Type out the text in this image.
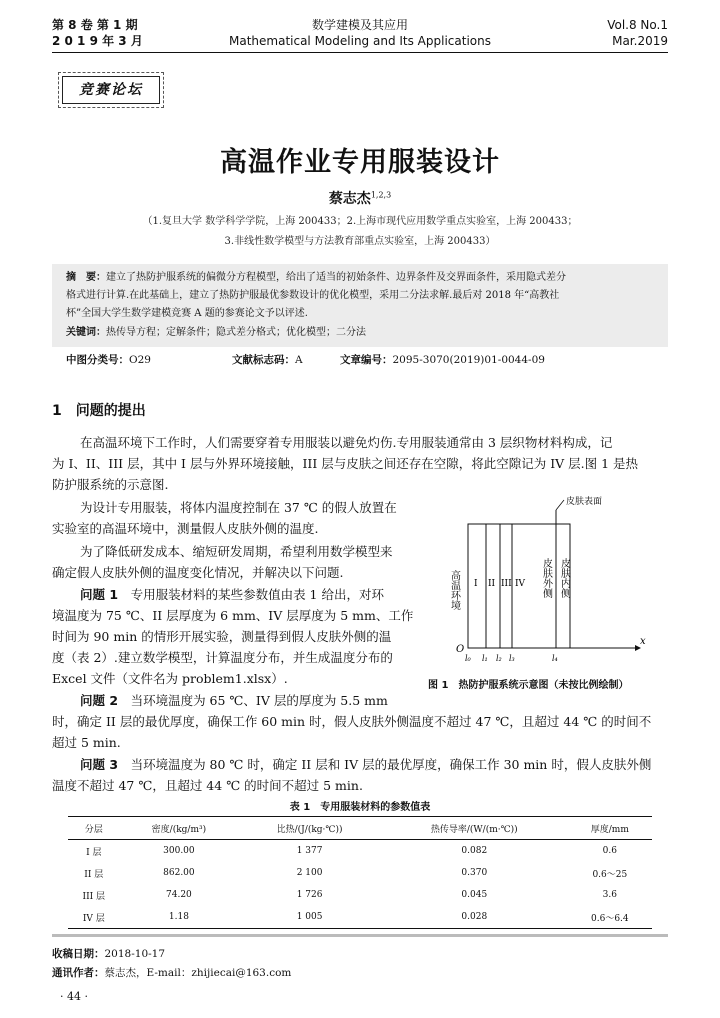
第 8 卷 第 1 期
2 0 1 9 年 3 月
数学建模及其应用
Mathematical Modeling and Its Applications
Vol.8 No.1
Mar.2019
竞赛论坛
高温作业专用服装设计
蔡志杰$^{1,2,3}$
（1.复旦大学 数学科学学院，上海 200433；2.上海市现代应用数学重点实验室，上海 200433；
3.非线性数学模型与方法教育部重点实验室，上海 200433）
摘　要：建立了热防护服系统的偏微分方程模型，给出了适当的初始条件、边界条件及交界面条件，采用隐式差分
格式进行计算.在此基础上，建立了热防护服最优参数设计的优化模型，采用二分法求解.最后对 2018 年“高教社
杯”全国大学生数学建模竞赛 A 题的参赛论文予以评述.
关键词：热传导方程；定解条件；隐式差分格式；优化模型；二分法
中图分类号：O29	文献标志码：A	文章编号：2095-3070(2019)01-0044-09
1　问题的提出
在高温环境下工作时，人们需要穿着专用服装以避免灼伤.专用服装通常由 3 层织物材料构成，记
为 I、II、III 层，其中 I 层与外界环境接触，III 层与皮肤之间还存在空隙，将此空隙记为 IV 层.图 1 是热
防护服系统的示意图.
为设计专用服装，将体内温度控制在 37 ℃ 的假人放置在
实验室的高温环境中，测量假人皮肤外侧的温度.
为了降低研发成本、缩短研发周期，希望利用数学模型来
确定假人皮肤外侧的温度变化情况，并解决以下问题.
问题 1　专用服装材料的某些参数值由表 1 给出，对环
境温度为 75 ℃、II 层厚度为 6 mm、IV 层厚度为 5 mm、工作
时间为 90 min 的情形开展实验，测量得到假人皮肤外侧的温
度（表 2）.建立数学模型，计算温度分布，并生成温度分布的
Excel 文件（文件名为 problem1.xlsx）.
问题 2　当环境温度为 65 ℃、IV 层的厚度为 5.5 mm
时，确定 II 层的最优厚度，确保工作 60 min 时，假人皮肤外侧温度不超过 47 ℃，且超过 44 ℃ 的时间不
超过 5 min.
问题 3　当环境温度为 80 ℃ 时，确定 II 层和 IV 层的最优厚度，确保工作 30 min 时，假人皮肤外侧
温度不超过 47 ℃，且超过 44 ℃ 的时间不超过 5 min.
皮肤表面
高温环境 I II III IV 皮肤外侧 皮肤内侧
O
x
l₀ l₁ l₂ l₃	l₄
图 1　热防护服系统示意图（未按比例绘制）
表 1　专用服装材料的参数值表
分层	密度/(kg/m³)	比热/(J/(kg·℃))	热传导率/(W/(m·℃))	厚度/mm
I 层	300.00	1 377	0.082	0.6
II 层	862.00	2 100	0.370	0.6～25
III 层	74.20	1 726	0.045	3.6
IV 层	1.18	1 005	0.028	0.6～6.4
收稿日期：2018-10-17
通讯作者：蔡志杰，E-mail：zhijiecai@163.com
· 44 ·
